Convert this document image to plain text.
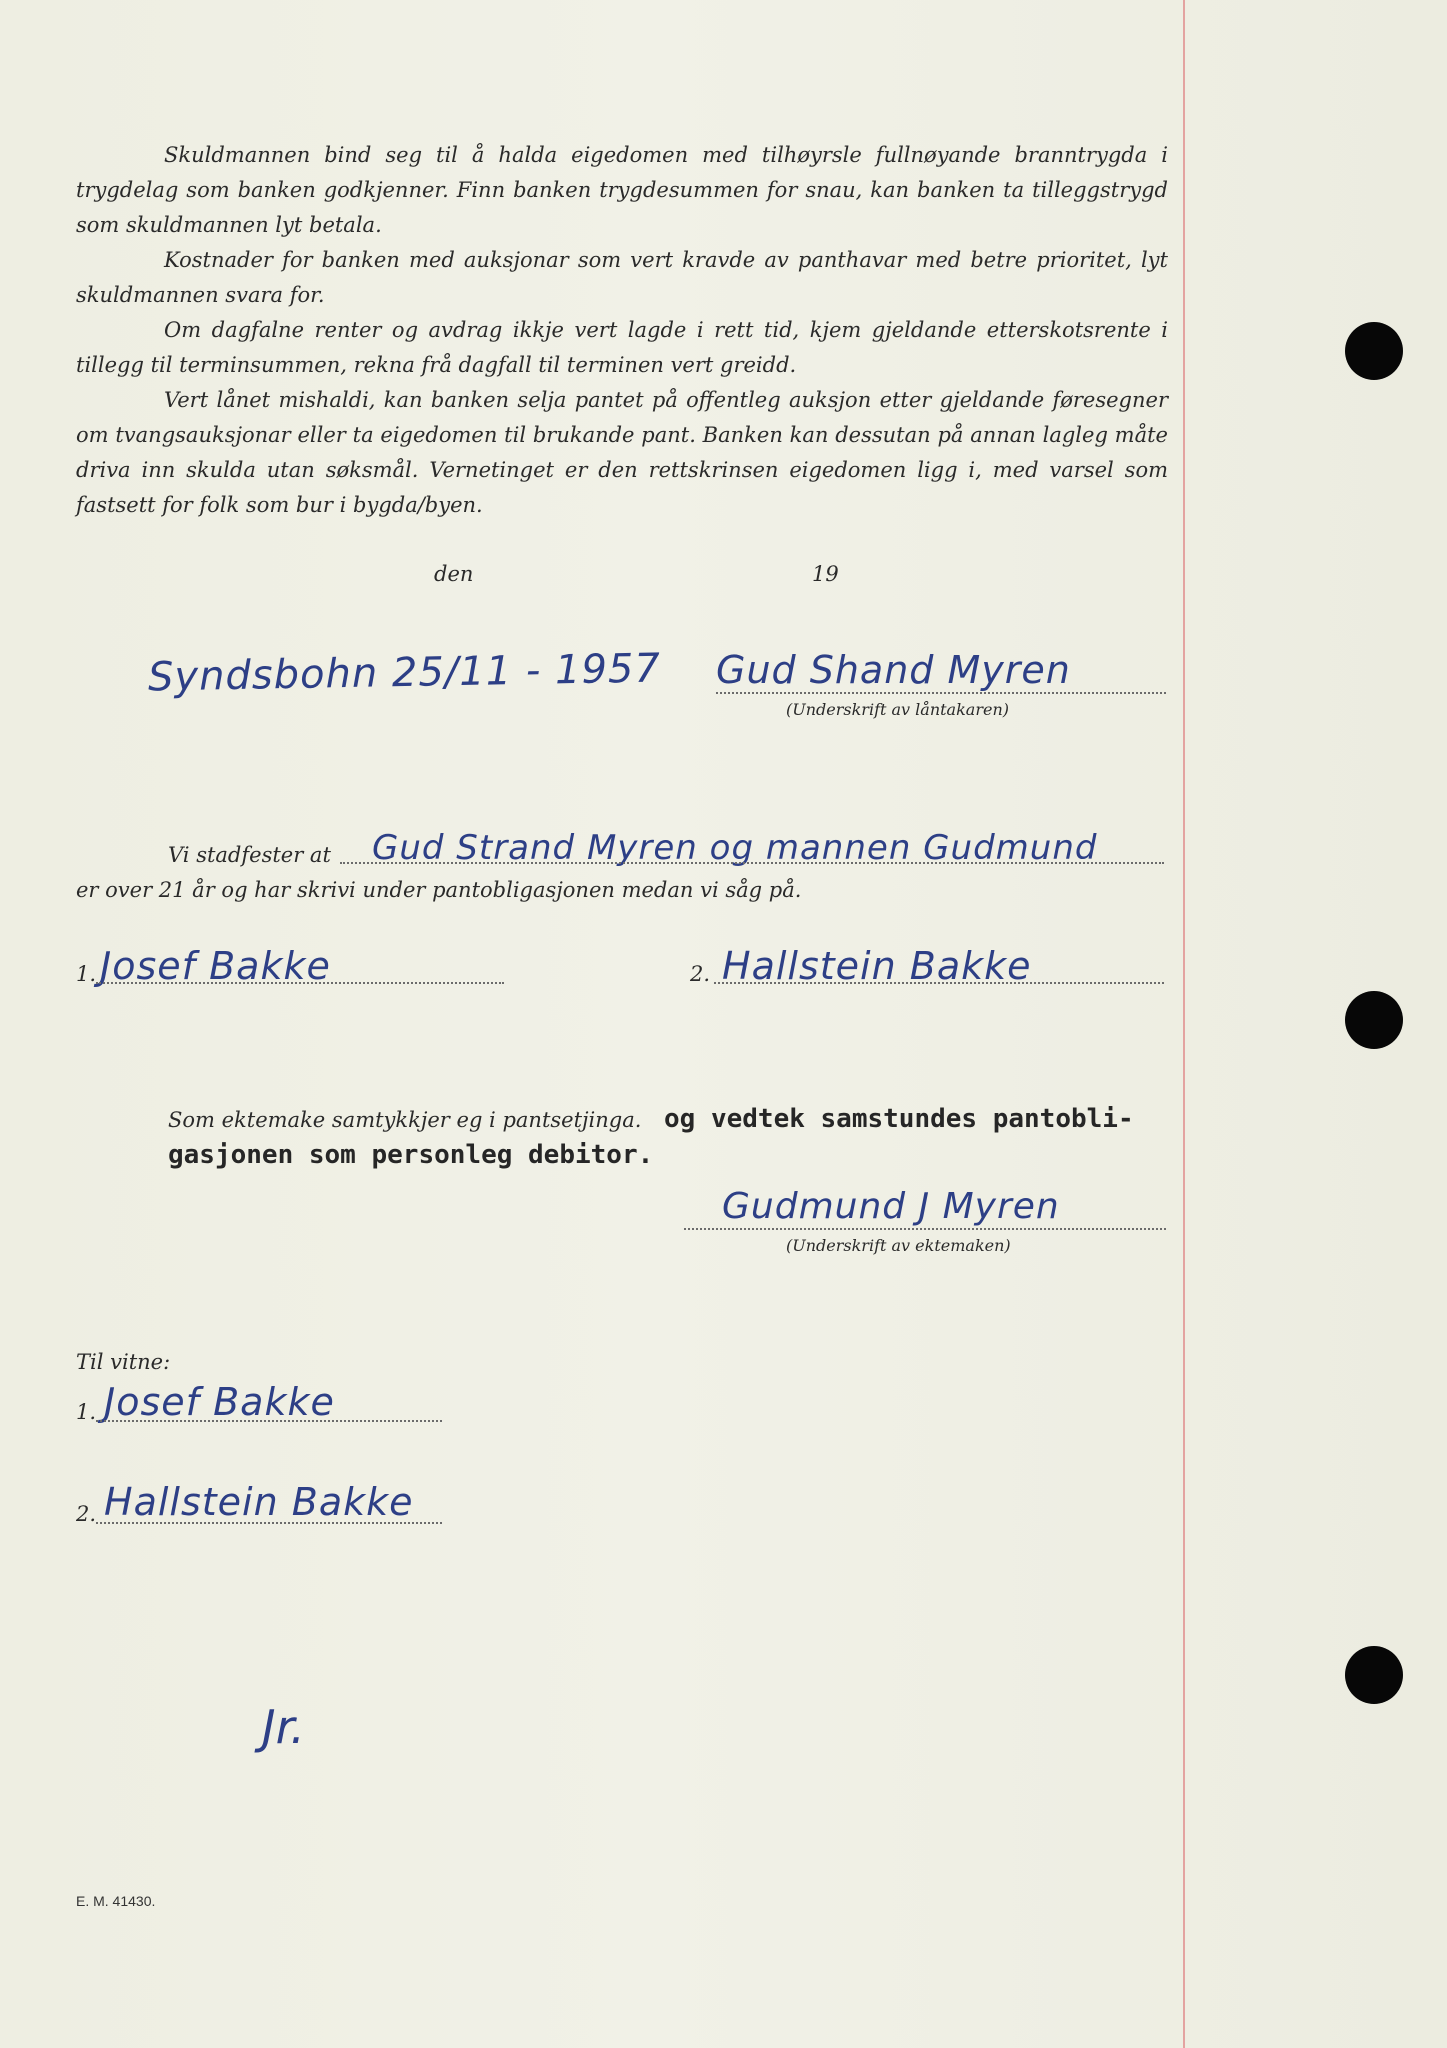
Skuldmannen bind seg til å halda eigedomen med tilhøyrsle fullnøyande branntrygda i trygdelag som banken godkjenner. Finn banken trygdesummen for snau, kan banken ta tilleggstrygd som skuldmannen lyt betala.

Kostnader for banken med auksjonar som vert kravde av panthavar med betre prioritet, lyt skuldmannen svara for.

Om dagfalne renter og avdrag ikkje vert lagde i rett tid, kjem gjeldande etterskotsrente i tillegg til terminsummen, rekna frå dagfall til terminen vert greidd.

Vert lånet mishaldi, kan banken selja pantet på offentleg auksjon etter gjeldande føresegner om tvangsauksjonar eller ta eigedomen til brukande pant. Banken kan dessutan på annan lagleg måte driva inn skulda utan søksmål. Vernetinget er den rettskrinsen eigedomen ligg i, med varsel som fastsett for folk som bur i bygda/byen.

den	19
Syndsbohn 25/11 - 1957 Gud Shand Myren
(Underskrift av låntakaren)
Vi stadfester at Gud Strand Myren og mannen Gudmund
er over 21 år og har skrivi under pantobligasjonen medan vi såg på.
1. Josef Bakke	2. Hallstein Bakke
Som ektemake samtykkjer eg i pantsetjinga. og vedtek samstundes pantobli-
gasjonen som personleg debitor.
Gudmund J Myren
(Underskrift av ektemaken)
Til vitne:
1. Josef Bakke
2. Hallstein Bakke
Jr.
E. M. 41430.
